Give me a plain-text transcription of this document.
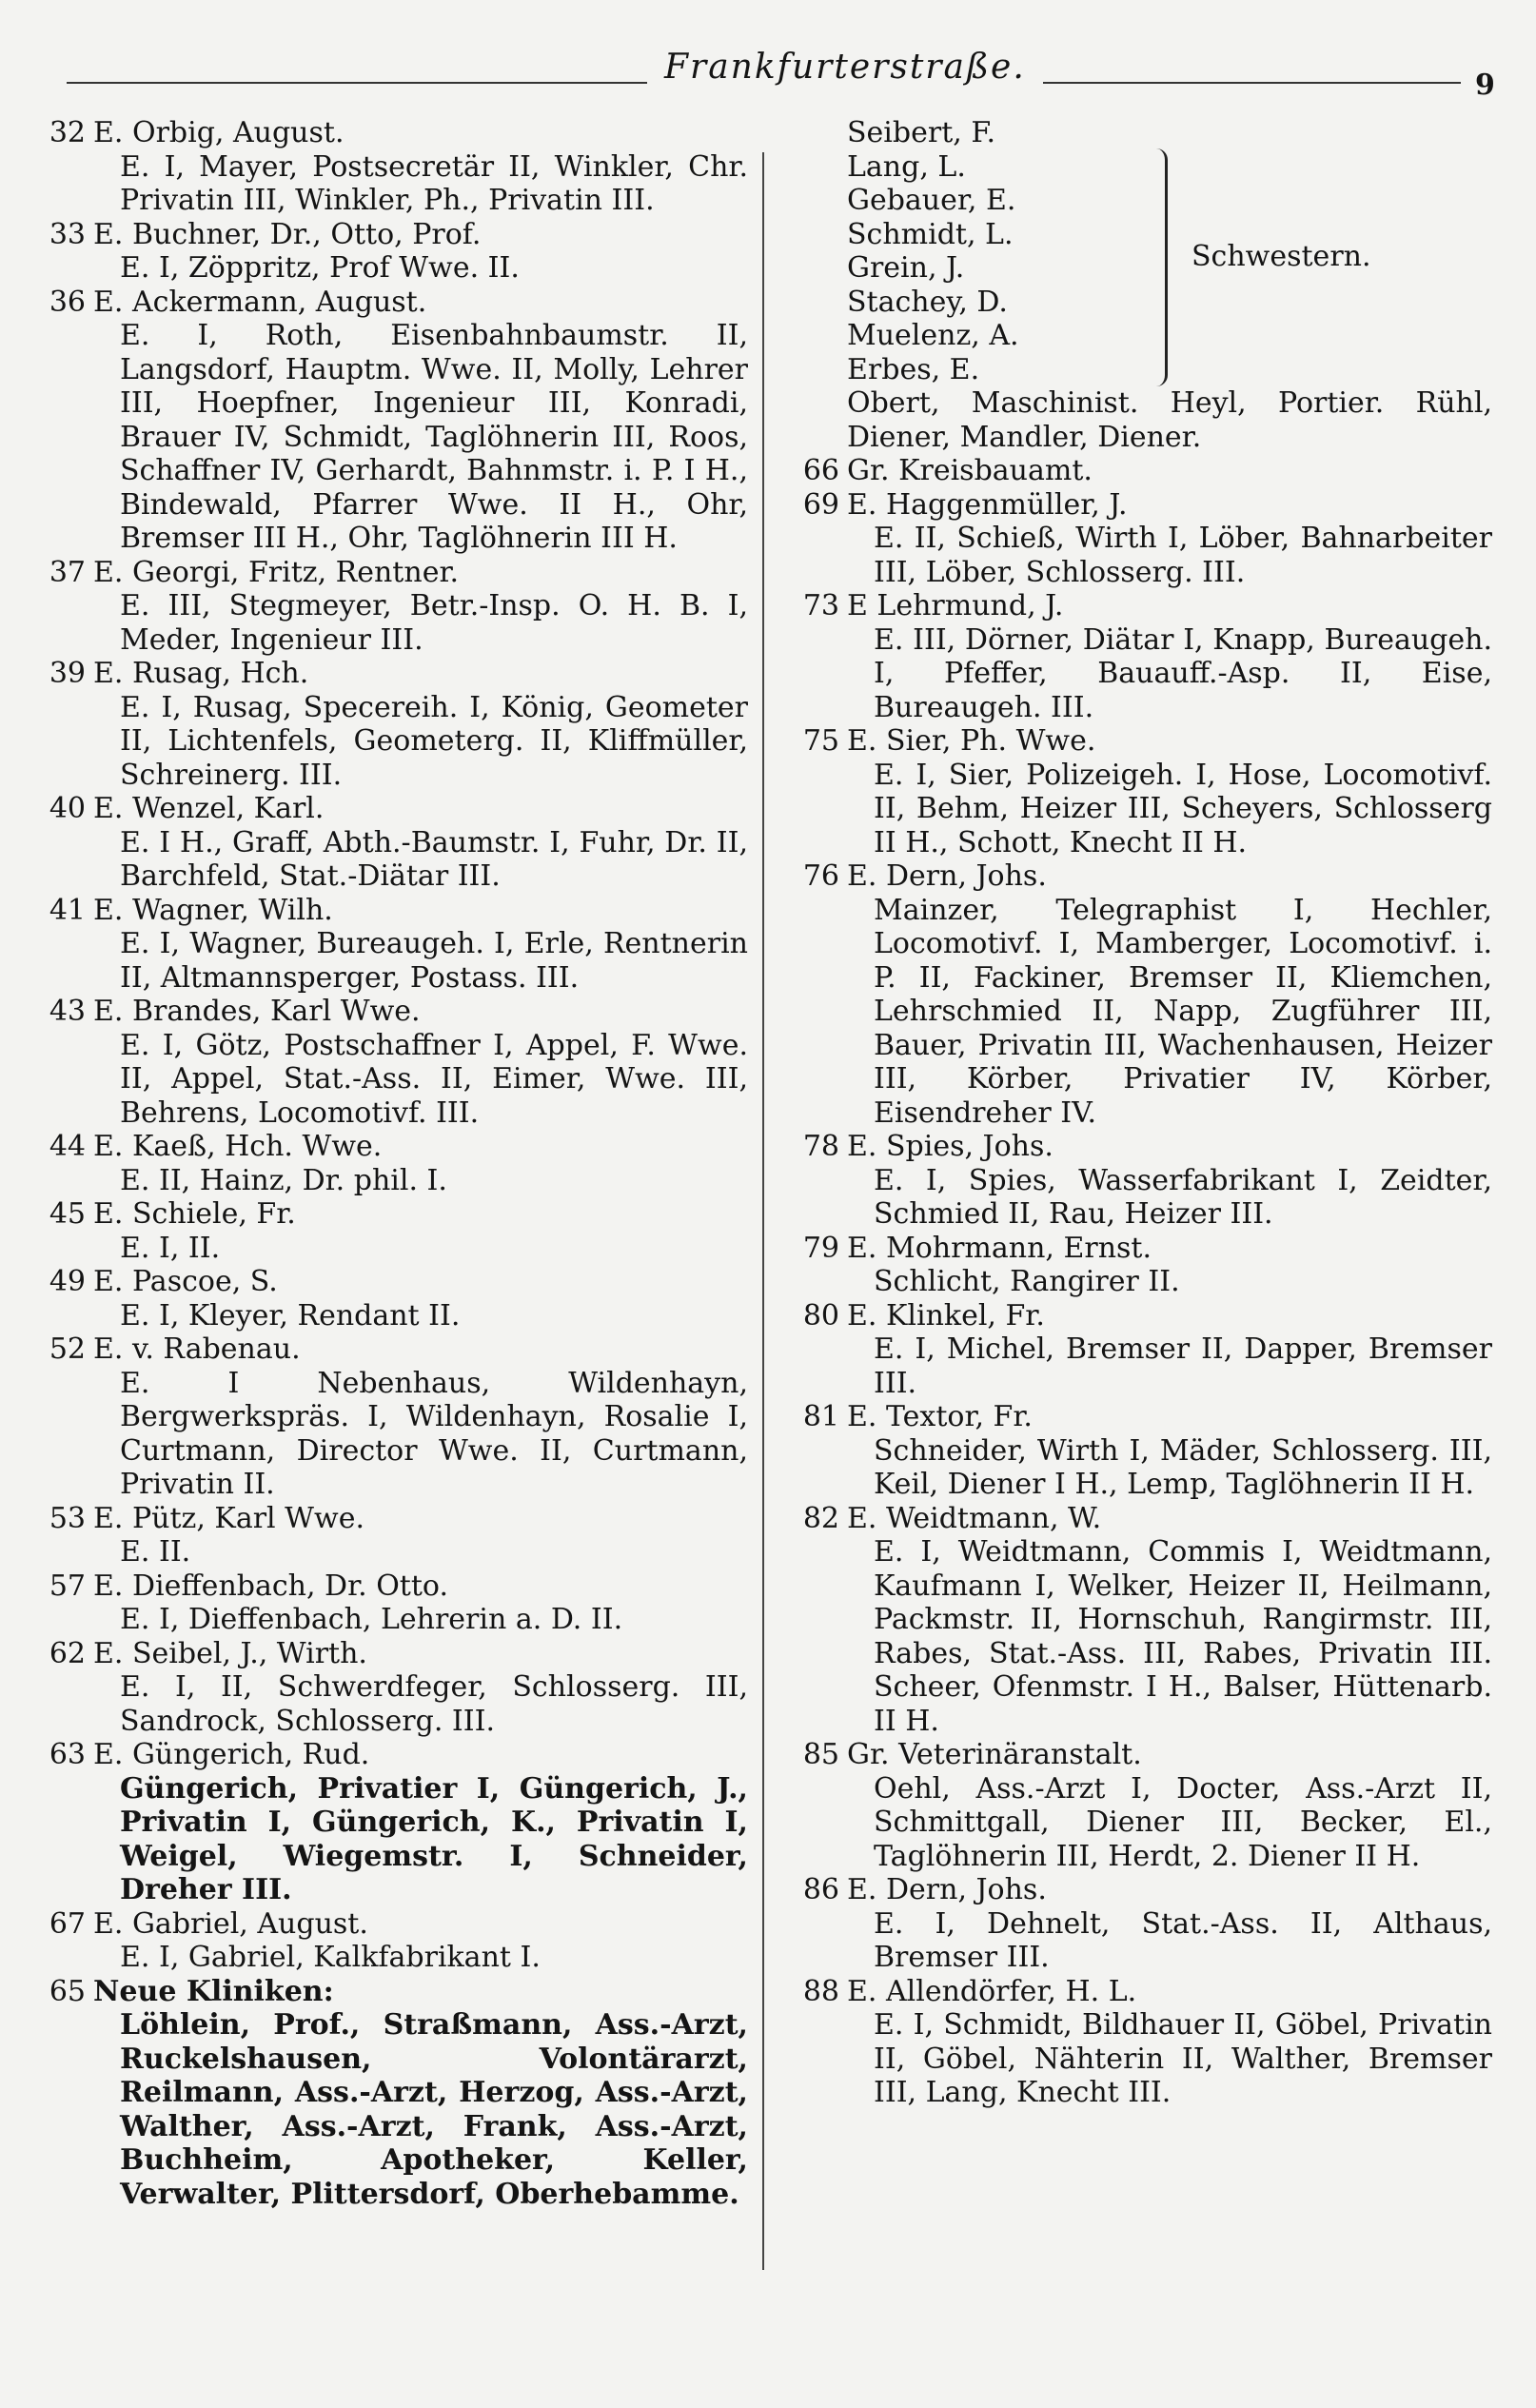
Frankfurterstraße.	9
32 E. Orbig, August.
E. I, Mayer, Postsecretär II, Winkler, Chr. Privatin III, Winkler, Ph., Privatin III.
33 E. Buchner, Dr., Otto, Prof.
E. I, Zöppritz, Prof Wwe. II.
36 E. Ackermann, August.
E. I, Roth, Eisenbahnbaumstr. II, Langsdorf, Hauptm. Wwe. II, Molly, Lehrer III, Hoepfner, Ingenieur III, Konradi, Brauer IV, Schmidt, Taglöhnerin III, Roos, Schaffner IV, Gerhardt, Bahnmstr. i. P. I H., Bindewald, Pfarrer Wwe. II H., Ohr, Bremser III H., Ohr, Taglöhnerin III H.
37 E. Georgi, Fritz, Rentner.
E. III, Stegmeyer, Betr.-Insp. O. H. B. I, Meder, Ingenieur III.
39 E. Rusag, Hch.
E. I, Rusag, Specereih. I, König, Geometer II, Lichtenfels, Geometerg. II, Kliffmüller, Schreinerg. III.
40 E. Wenzel, Karl.
E. I H., Graff, Abth.-Baumstr. I, Fuhr, Dr. II, Barchfeld, Stat.-Diätar III.
41 E. Wagner, Wilh.
E. I, Wagner, Bureaugeh. I, Erle, Rentnerin II, Altmannsperger, Postass. III.
43 E. Brandes, Karl Wwe.
E. I, Götz, Postschaffner I, Appel, F. Wwe. II, Appel, Stat.-Ass. II, Eimer, Wwe. III, Behrens, Locomotivf. III.
44 E. Kaeß, Hch. Wwe.
E. II, Hainz, Dr. phil. I.
45 E. Schiele, Fr.
E. I, II.
49 E. Pascoe, S.
E. I, Kleyer, Rendant II.
52 E. v. Rabenau.
E. I Nebenhaus, Wildenhayn, Bergwerkspräs. I, Wildenhayn, Rosalie I, Curtmann, Director Wwe. II, Curtmann, Privatin II.
53 E. Pütz, Karl Wwe.
E. II.
57 E. Dieffenbach, Dr. Otto.
E. I, Dieffenbach, Lehrerin a. D. II.
62 E. Seibel, J., Wirth.
E. I, II, Schwerdfeger, Schlosserg. III, Sandrock, Schlosserg. III.
63 E. Güngerich, Rud.
Güngerich, Privatier I, Güngerich, J., Privatin I, Güngerich, K., Privatin I, Weigel, Wiegemstr. I, Schneider, Dreher III.
67 E. Gabriel, August.
E. I, Gabriel, Kalkfabrikant I.
65 Neue Kliniken:
Löhlein, Prof., Straßmann, Ass.-Arzt, Ruckelshausen, Volontärarzt, Reilmann, Ass.-Arzt, Herzog, Ass.-Arzt, Walther, Ass.-Arzt, Frank, Ass.-Arzt, Buchheim, Apotheker, Keller, Verwalter, Plittersdorf, Oberhebamme.
Seibert, F.
Lang, L.
Gebauer, E.
Schmidt, L.
Grein, J.
Stachey, D.
Muelenz, A.
Erbes, E.
Schwestern.
Obert, Maschinist. Heyl, Portier. Rühl, Diener, Mandler, Diener.
66 Gr. Kreisbauamt.
69 E. Haggenmüller, J.
E. II, Schieß, Wirth I, Löber, Bahnarbeiter III, Löber, Schlosserg. III.
73 E Lehrmund, J.
E. III, Dörner, Diätar I, Knapp, Bureaugeh. I, Pfeffer, Bauauff.-Asp. II, Eise, Bureaugeh. III.
75 E. Sier, Ph. Wwe.
E. I, Sier, Polizeigeh. I, Hose, Locomotivf. II, Behm, Heizer III, Scheyers, Schlosserg II H., Schott, Knecht II H.
76 E. Dern, Johs.
Mainzer, Telegraphist I, Hechler, Locomotivf. I, Mamberger, Locomotivf. i. P. II, Fackiner, Bremser II, Kliemchen, Lehrschmied II, Napp, Zugführer III, Bauer, Privatin III, Wachenhausen, Heizer III, Körber, Privatier IV, Körber, Eisendreher IV.
78 E. Spies, Johs.
E. I, Spies, Wasserfabrikant I, Zeidter, Schmied II, Rau, Heizer III.
79 E. Mohrmann, Ernst.
Schlicht, Rangirer II.
80 E. Klinkel, Fr.
E. I, Michel, Bremser II, Dapper, Bremser III.
81 E. Textor, Fr.
Schneider, Wirth I, Mäder, Schlosserg. III, Keil, Diener I H., Lemp, Taglöhnerin II H.
82 E. Weidtmann, W.
E. I, Weidtmann, Commis I, Weidtmann, Kaufmann I, Welker, Heizer II, Heilmann, Packmstr. II, Hornschuh, Rangirmstr. III, Rabes, Stat.-Ass. III, Rabes, Privatin III. Scheer, Ofenmstr. I H., Balser, Hüttenarb. II H.
85 Gr. Veterinäranstalt.
Oehl, Ass.-Arzt I, Docter, Ass.-Arzt II, Schmittgall, Diener III, Becker, El., Taglöhnerin III, Herdt, 2. Diener II H.
86 E. Dern, Johs.
E. I, Dehnelt, Stat.-Ass. II, Althaus, Bremser III.
88 E. Allendörfer, H. L.
E. I, Schmidt, Bildhauer II, Göbel, Privatin II, Göbel, Nähterin II, Walther, Bremser III, Lang, Knecht III.
